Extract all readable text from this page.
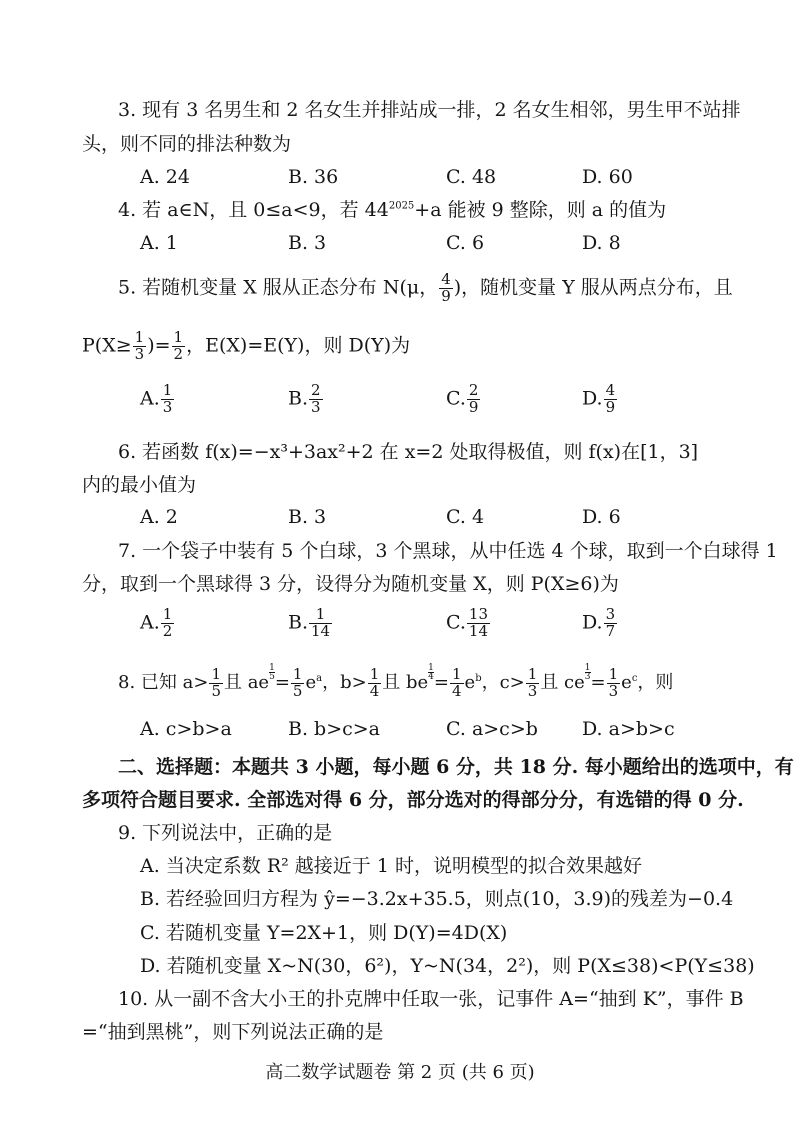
3. 现有 3 名男生和 2 名女生并排站成一排，2 名女生相邻，男生甲不站排
头，则不同的排法种数为
A. 24	B. 36	C. 48	D. 60
4. 若 a∈N，且 0≤a<9，若 $44^{2025}+a$ 能被 9 整除，则 a 的值为
A. 1	B. 3	C. 6	D. 8
5. 若随机变量 X 服从正态分布 N(μ， $\frac{4}{9}$ )，随机变量 Y 服从两点分布，且
$P(X\ge \frac{1}{3}$ )= $\frac{1}{2}$ ，E(X)=E(Y)，则 D(Y)为
A. $\frac{1}{3}$	B. $\frac{2}{3}$	C. $\frac{2}{9}$	D. $\frac{4}{9}$
6. 若函数 f(x)=−x³+3ax²+2 在 x=2 处取得极值，则 f(x)在[1，3]
内的最小值为
A. 2	B. 3	C. 4	D. 6
7. 一个袋子中装有 5 个白球，3 个黑球，从中任选 4 个球，取到一个白球得 1
分，取到一个黑球得 3 分，设得分为随机变量 X，则 P(X≥6)为
A. $\frac{1}{2}$	B. $\frac{1}{14}$	C. $\frac{13}{14}$	D. $\frac{3}{7}$
8. 已知 $a> \frac{1}{5}$ 且 ae $\frac{1}{5} = \frac{1}{5} e^a$，$b> \frac{1}{4}$ 且 be $\frac{1}{4} = \frac{1}{4} e^b$，$c> \frac{1}{3}$ 且 ce $\frac{1}{3} = \frac{1}{3} e^c$，则
A. c>b>a	B. b>c>a	C. a>c>b D. a>b>c
二、选择题：本题共 3 小题，每小题 6 分，共 18 分. 每小题给出的选项中，有
多项符合题目要求. 全部选对得 6 分，部分选对的得部分分，有选错的得 0 分.
9. 下列说法中，正确的是
A. 当决定系数 R² 越接近于 1 时，说明模型的拟合效果越好
B. 若经验回归方程为 ŷ=−3.2x+35.5，则点(10，3.9)的残差为−0.4
C. 若随机变量 Y=2X+1，则 D(Y)=4D(X)
D. 若随机变量 X~N(30，6²)，Y~N(34，2²)，则 P(X≤38)<P(Y≤38)
10. 从一副不含大小王的扑克牌中任取一张，记事件 A=“抽到 K”，事件 B
=“抽到黑桃”，则下列说法正确的是
高二数学试题卷 第 2 页 (共 6 页)
